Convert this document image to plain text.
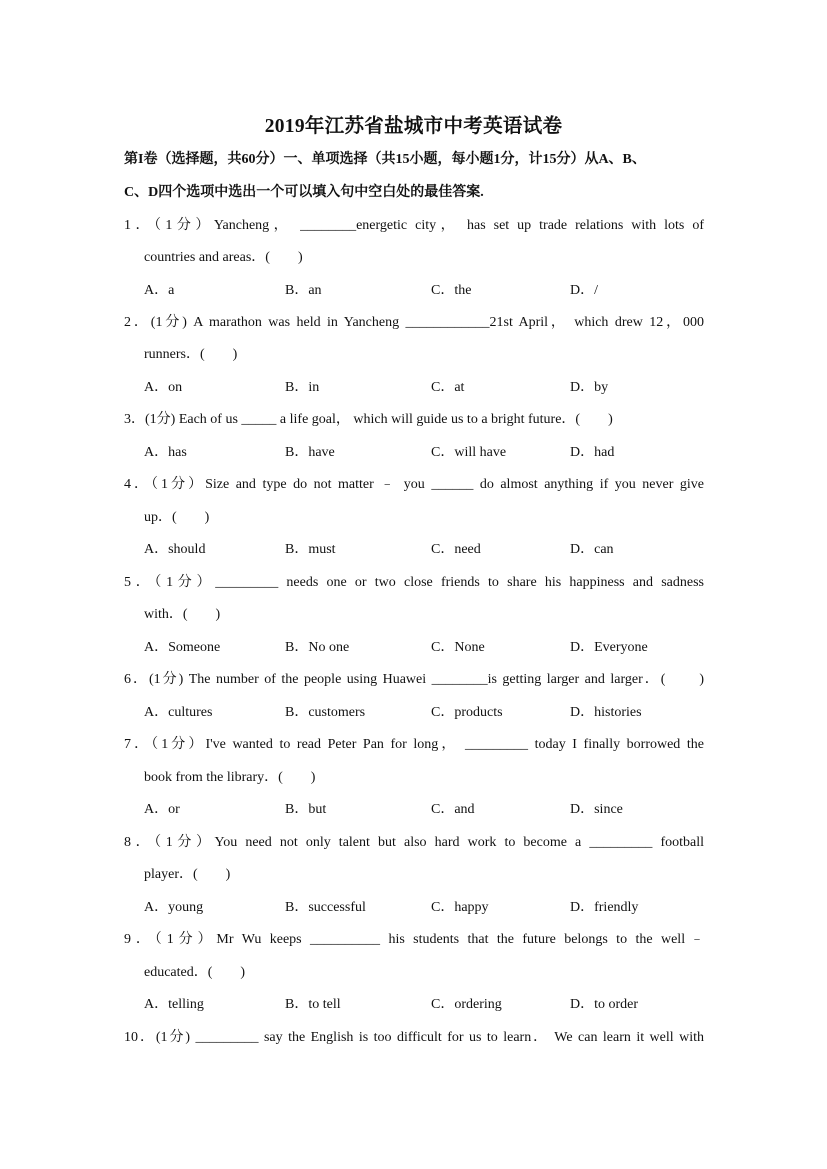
2019年江苏省盐城市中考英语试卷
第I卷（选择题，共60分）一、单项选择（共15小题，每小题1分，计15分）从A、B、
C、D四个选项中选出一个可以填入句中空白处的最佳答案.
1．（1分）Yancheng， ________energetic city， has set up trade relations with lots of
countries and areas．(　　)
A．a	B．an	C．the	D．/
2．(1分) A marathon was held in Yancheng ____________21st April， which drew 12，000
runners．(　　)
A．on	B．in	C．at	D．by
3．(1分) Each of us _____ a life goal， which will guide us to a bright future．(　　)
A．has	B．have	C．will have	D．had
4．（1分）Size and type do not matter ﹣ you ______ do almost anything if you never give
up．(　　)
A．should	B．must	C．need	D．can
5．（1分）_________ needs one or two close friends to share his happiness and sadness
with．(　　)
A．Someone	B．No one	C．None	D．Everyone
6．(1分) The number of the people using Huawei ________is getting larger and larger．(　　)
A．cultures	B．customers	C．products	D．histories
7．（1分）I've wanted to read Peter Pan for long， _________ today I finally borrowed the
book from the library．(　　)
A．or	B．but	C．and	D．since
8．（1分）You need not only talent but also hard work to become a _________ football
player．(　　)
A．young	B．successful	C．happy	D．friendly
9．（1分）Mr Wu keeps __________ his students that the future belongs to the well﹣
educated．(　　)
A．telling	B．to tell	C．ordering	D．to order
10．(1分) _________ say the English is too difficult for us to learn． We can learn it well with
